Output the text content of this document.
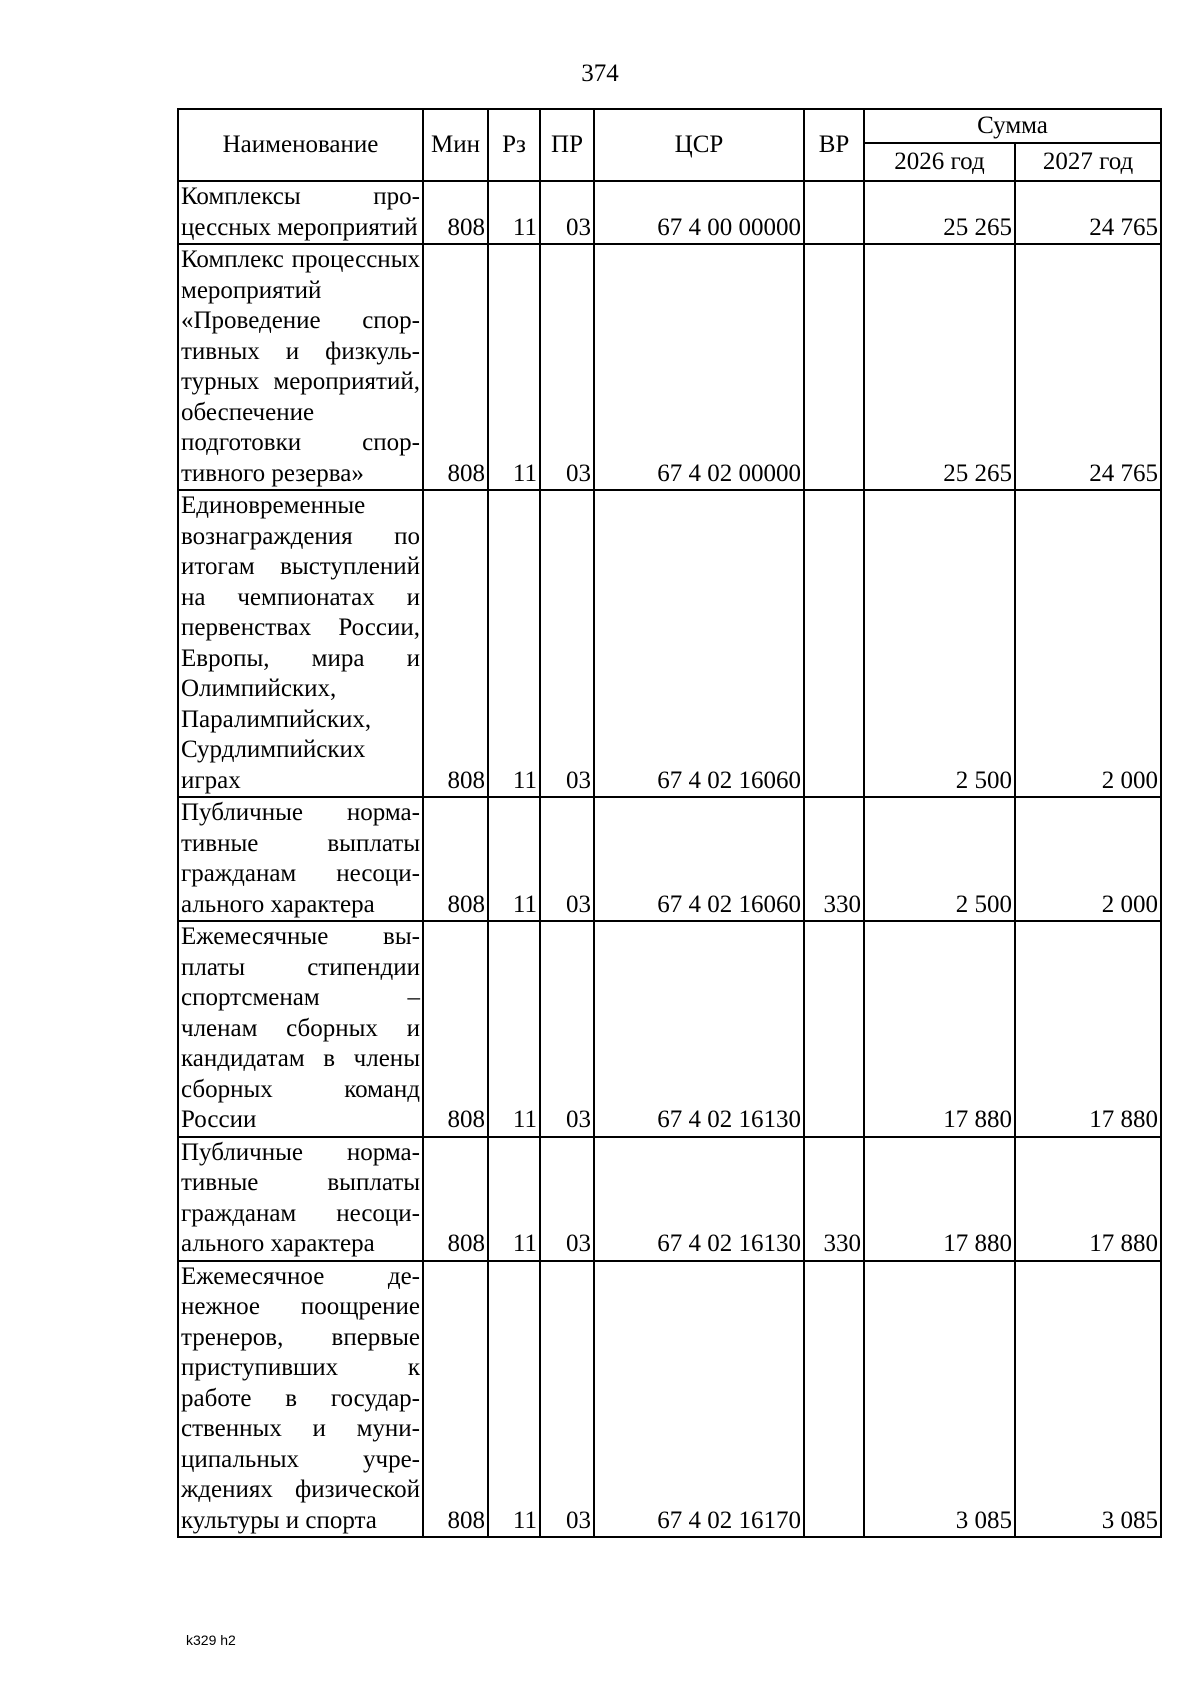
374
Наименование	Мин	Рз	ПР	ЦСР	ВР	Сумма	
						2026 год	2027 год
Комплексы процессных мероприятий	808	11	03	67 4 00 00000		25 265	24 765
Комплекс процессных мероприятий «Проведение спортивных и физкультурных мероприятий, обеспечение подготовки спортивного резерва»	808	11	03	67 4 02 00000		25 265	24 765
Единовременные вознаграждения по итогам выступлений на чемпионатах и первенствах России, Европы, мира и Олимпийских, Паралимпийских, Сурдлимпийских играх	808	11	03	67 4 02 16060		2 500	2 000
Публичные нормативные выплаты гражданам несоциального характера	808	11	03	67 4 02 16060	330	2 500	2 000
Ежемесячные выплаты стипендии спортсменам – членам сборных и кандидатам в члены сборных команд России	808	11	03	67 4 02 16130		17 880	17 880
Публичные нормативные выплаты гражданам несоциального характера	808	11	03	67 4 02 16130	330	17 880	17 880
Ежемесячное денежное поощрение тренеров, впервые приступивших к работе в государственных и муниципальных учреждениях физической культуры и спорта	808	11	03	67 4 02 16170		3 085	3 085
k329 h2
